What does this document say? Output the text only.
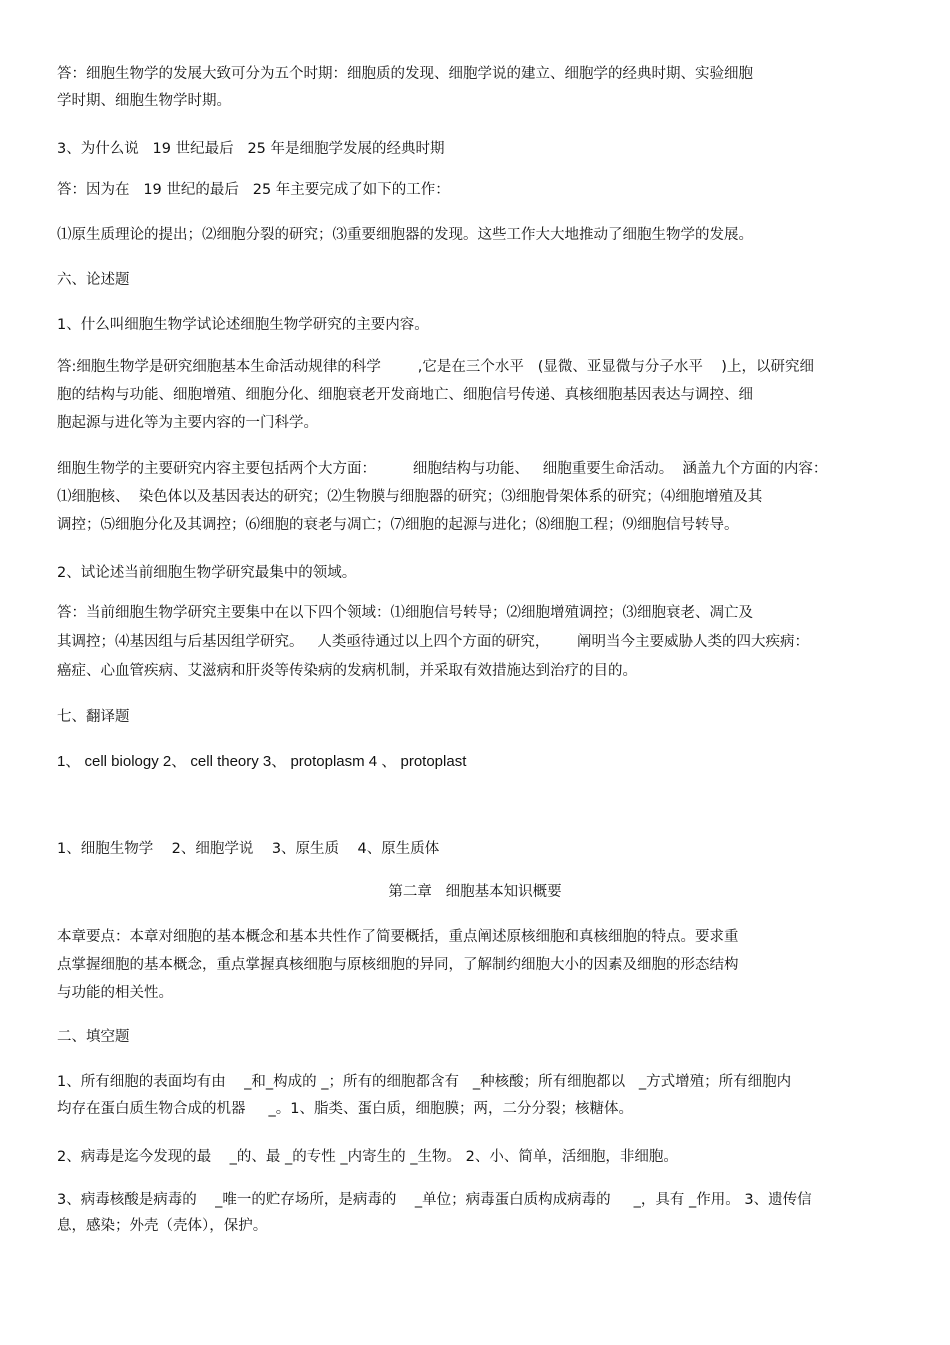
答：细胞生物学的发展大致可分为五个时期：细胞质的发现、细胞学说的建立、细胞学的经典时期、实验细胞

学时期、细胞生物学时期。

3、为什么说   19 世纪最后   25 年是细胞学发展的经典时期

答：因为在   19 世纪的最后   25 年主要完成了如下的工作：

⑴原生质理论的提出；⑵细胞分裂的研究；⑶重要细胞器的发现。这些工作大大地推动了细胞生物学的发展。

六、论述题

1、什么叫细胞生物学试论述细胞生物学研究的主要内容。

答:细胞生物学是研究细胞基本生命活动规律的科学        ,它是在三个水平   (显微、亚显微与分子水平    )上，以研究细

胞的结构与功能、细胞增殖、细胞分化、细胞衰老开发商地亡、细胞信号传递、真核细胞基因表达与调控、细

胞起源与进化等为主要内容的一门科学。

细胞生物学的主要研究内容主要包括两个大方面：        细胞结构与功能、   细胞重要生命活动。  涵盖九个方面的内容：

⑴细胞核、  染色体以及基因表达的研究；⑵生物膜与细胞器的研究；⑶细胞骨架体系的研究；⑷细胞增殖及其

调控；⑸细胞分化及其调控；⑹细胞的衰老与凋亡；⑺细胞的起源与进化；⑻细胞工程；⑼细胞信号转导。

2、试论述当前细胞生物学研究最集中的领域。

答：当前细胞生物学研究主要集中在以下四个领域：⑴细胞信号转导；⑵细胞增殖调控；⑶细胞衰老、凋亡及

其调控；⑷基因组与后基因组学研究。   人类亟待通过以上四个方面的研究，      阐明当今主要威胁人类的四大疾病：

癌症、心血管疾病、艾滋病和肝炎等传染病的发病机制，并采取有效措施达到治疗的目的。

七、翻译题

1、 cell biology 2、 cell theory 3、 protoplasm 4 、 protoplast

1、细胞生物学    2、细胞学说    3、原生质    4、原生质体

第二章   细胞基本知识概要

本章要点：本章对细胞的基本概念和基本共性作了简要概括，重点阐述原核细胞和真核细胞的特点。要求重

点掌握细胞的基本概念，重点掌握真核细胞与原核细胞的异同，了解制约细胞大小的因素及细胞的形态结构

与功能的相关性。

二、填空题

1、所有细胞的表面均有由    _和_构成的 _；所有的细胞都含有   _种核酸；所有细胞都以   _方式增殖；所有细胞内

均存在蛋白质生物合成的机器     _。1、脂类、蛋白质，细胞膜；两，二分分裂；核糖体。

2、病毒是迄今发现的最    _的、最 _的专性 _内寄生的 _生物。 2、小、简单，活细胞，非细胞。

3、病毒核酸是病毒的    _唯一的贮存场所，是病毒的    _单位；病毒蛋白质构成病毒的     _，具有 _作用。 3、遗传信

息，感染；外壳（壳体），保护。
